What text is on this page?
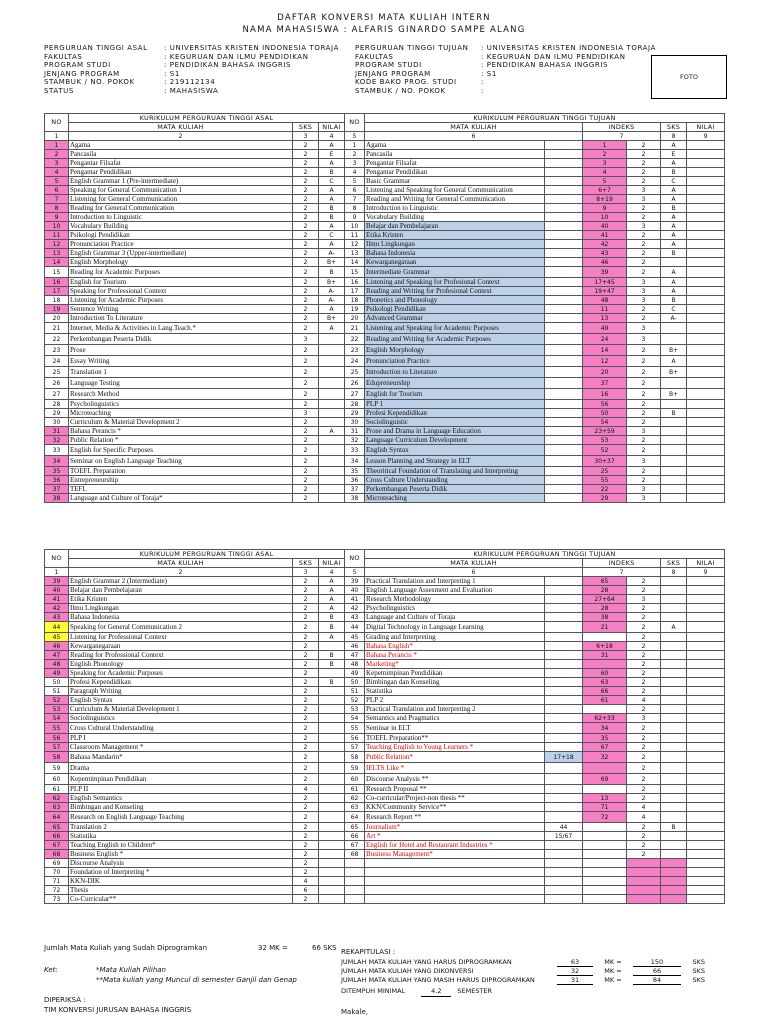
DAFTAR KONVERSI MATA KULIAH INTERN
NAMA MAHASISWA : ALFARIS GINARDO SAMPE ALANG
PERGURUAN TINGGI ASAL	: UNIVERSITAS KRISTEN INDONESIA TORAJA
FAKULTAS	: KEGURUAN DAN ILMU PENDIDIKAN
PROGRAM STUDI	: PENDIDIKAN BAHASA INGGRIS
JENJANG PROGRAM	: S1
STAMBUK / NO. POKOK	: 219112134
STATUS	: MAHASISWA
PERGURUAN TINGGI TUJUAN	: UNIVERSITAS KRISTEN INDONESIA TORAJA
FAKULTAS	: KEGURUAN DAN ILMU PENDIDIKAN
PROGRAM STUDI	: PENDIDIKAN BAHASA INGGRIS
JENJANG PROGRAM	: S1
KODE BAKO PROG. STUDI	:
STAMBUK / NO. POKOK	:
FOTO
NO	KURIKULUM PERGURUAN TINGGI ASAL			NO	KURIKULUM PERGURUAN TINGGI TUJUAN					
	MATA KULIAH	SKS	NILAI		MATA KULIAH		INDEKS		SKS	NILAI
1	2	3	4	5	6		7		8	9
1	Agama	2	A	1	Agama		1	2	A	
2	Pancasila	2	E	2	Pancasila		2	2	E	
3	Pengantar Filsafat	2	A	3	Pengantar Filsafat		3	2	A	
4	Pengantar Pendidikan	2	B	4	Pengantar Pendidikan		4	2	B	
5	English Grammar 1 (Pre-intermediate)	2	C	5	Basic Grammar		5	2	C	
6	Speaking for General Communication 1	2	A	6	Listening and Speaking for General Communication		6+7	3	A	
7	Listening for General Communication	2	A	7	Reading and Writing for General Communication		8+19	3	A	
8	Reading for General Communication	2	B	8	Introduction to Linguistic		9	2	B	
9	Introduction to Linguistic	2	B	9	Vocabulary Building		10	2	A	
10	Vocabulary Building	2	A	10	Belajar dan Pembelajaran		40	3	A	
11	Psikologi Pendidikan	2	C	11	Etika Kristen		41	2	A	
12	Pronunciation Practice	2	A	12	Ilmu Lingkungan		42	2	A	
13	English Grammar 3 (Upper-intermediate)	2	A-	13	Bahasa Indonesia		43	2	B	
14	English Morphology	2	B+	14	Kewarganegaraan		46	2		
15	Reading for Academic Purposes	2	B	15	Intermediate Grammar		39	2	A	
16	English for Tourism	2	B+	16	Listening and Speaking for Profesional Context		17+45	3	A	
17	Speaking for Professional Context	2	A-	17	Reading and Writing for Profesional Context		19+47	3	A	
18	Listening for Academic Purposes	2	A-	18	Phonetics and Phonology		48	3	B	
19	Sentence Writing	2	A	19	Psikologi Pendidikan		11	2	C	
20	Introduction To Literature	2	B+	20	Advanced Grammar		13	2	A-	
21	Internet, Media & Activities in Lang.Teach.*	2	A	21	Listening and Speaking for Academic Purposes		49	3		
22	Perkembangan Peserta Didik	3		22	Reading and Writing for Academic Purposes		24	3		
23	Prose	2		23	English Morphology		14	2	B+	
24	Essay Writing	2		24	Pronunciation Practice		12	2	A	
25	Translation 1	2		25	Introduction to Literature		20	2	B+	
26	Language Testing	2		26	Edupreneurship		37	2		
27	Research Method	2		27	English for Tourism		16	2	B+	
28	Psycholinguistics	2		28	PLP 1		56	2		
29	Microteaching	3		29	Profesi Kependidikan		50	2	B	
30	Curriculum & Material Development 2	2		30	Sociolinguistic		54	2		
31	Bahasa Perancis *	2	A	31	Prose and Drama in Language Education		23+59	3		
32	Public Relation *	2		32	Language Curriculum Development		53	2		
33	English for Specific Purposes	2		33	English Syntax		52	2		
34	Seminar on English Language Teaching	2		34	Lesson Planning and Strategy in ELT		30+37	3		
35	TOEFL Preparation	2		35	Theoritical Foundation of Translating and Interpreting		25	2		
36	Entrepreneurship	2		36	Cross Culture Understanding		55	2		
37	TEFL	2		37	Perkembangan Peserta Didik		22	3		
38	Language and Culture of Toraja*	2		38	Microteaching		29	3		
NO	KURIKULUM PERGURUAN TINGGI ASAL			NO	KURIKULUM PERGURUAN TINGGI TUJUAN					
	MATA KULIAH	SKS	NILAI		MATA KULIAH		INDEKS		SKS	NILAI
1	2	3	4	5	6		7		8	9
39	English Grammar 2 (Intermediate)	2	A	39	Practical Translation and Interpreting 1		65	2		
40	Belajar dan Pembelajaran	2	A	40	English Language Assesment and Evaluation		28	2		
41	Etika Kristen	2	A	41	Research Methodology		27+64	3		
42	Ilmu Lingkungan	2	A	42	Psycholinguistics		28	2		
43	Bahasa Indonesia	2	B	43	Language and Culture of Toraja		38	2		
44	Speaking for General Communication 2	2	B	44	Digital Technology in Language Learning		21	2	A	
45	Listening for Professional Context	2	A	45	Grading and Interpreting			2		
46	Kewarganegaraan	2		46	Bahasa English*		6+18	2		
47	Reading for Professional Context	2	B	47	Bahasa Perancis *		31	2		
48	English Phonology	2	B	48	Marketing*			2		
49	Speaking for Academic Purposes	2		49	Kepemimpinan Pendidikan		60	2		
50	Profesi Kependidikan	2	B	50	Bimbingan dan Konseling		63	2		
51	Paragraph Writing	2		51	Statistika		66	2		
52	English Syntax	2		52	PLP 2		61	4		
53	Curriculum & Material Development 1	2		53	Practical Translation and Interpreting 2			2		
54	Sociolinguistics	2		54	Semantics and Pragmatics		62+33	3		
55	Cross Cultural Understanding	2		55	Seminar in ELT		34	2		
56	PLP I	2		56	TOEFL Preparation**		35	2		
57	Classroom Management *	2		57	Teaching English to Young Learners *		67	2		
58	Bahasa Mandarin*	2		58	Public Relation*	17+18	32	2		
59	Drama	2		59	IELTS Like *			2		
60	Kepemimpinan Pendidikan	2		60	Discourse Analysis **		69	2		
61	PLP II	4		61	Research Proposal **			2		
62	English Semantics	2		62	Co-curricular/Project-non thesis **		13	2		
63	Bimbingan and Konseling	2		63	KKN/Community Service**		71	4		
64	Research on English Language Teaching	2		64	Research Report **		72	4		
65	Translation 2	2		65	Journalism*	44		2	B	
66	Statistika	2		66	Art *	15/67		2		
67	Teaching English to Children*	2		67	English for Hotel and Restaurant Industries *			2		
68	Business English *	2		68	Business Management*			2		
69	Discourse Analysis	2								
70	Foundation of Interpreting *	2								
71	KKN-DIK	4								
72	Thesis	6								
73	Co-Curricular**	2								
Jumlah Mata Kuliah yang Sudah Diprogramkan	32 MK =	66 SKS
Ket:	*Mata Kuliah Pilihan
**Mata kuliah yang Muncul di semester Ganjil dan Genap
DIPERIKSA :
TIM KONVERSI JURUSAN BAHASA INGGRIS
REKAPITULASI :
JUMLAH MATA KULIAH YANG HARUS DIPROGRAMKAN	63	MK =	150	SKS
JUMLAH MATA KULIAH YANG DIKONVERSI	32	MK =	66	SKS
JUMLAH MATA KULIAH YANG MASIH HARUS DIPROGRAMKAN	31	MK =	84	SKS
DITEMPUH MINIMAL	4.2 SEMESTER
Makale,
